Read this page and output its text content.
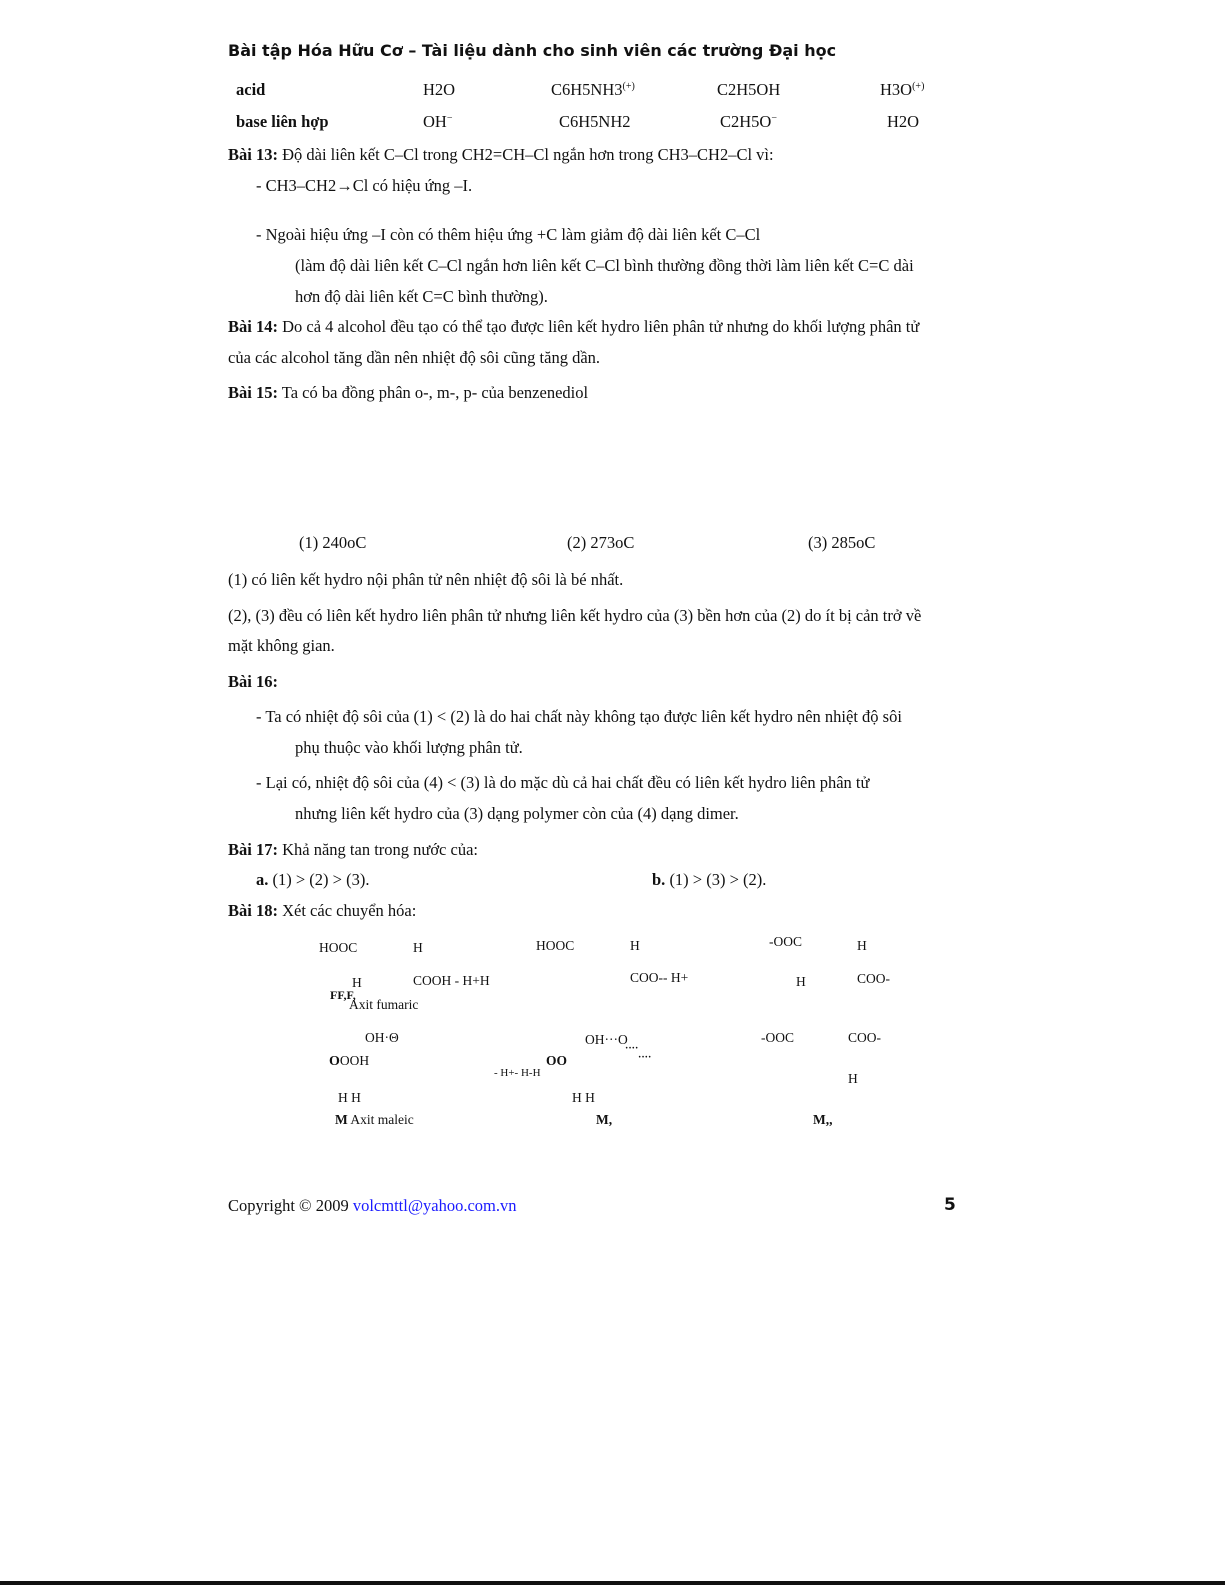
Bài tập Hóa Hữu Cơ – Tài liệu dành cho sinh viên các trường Đại học
acid	H2O	C6H5NH3(+)	C2H5OH	H3O(+)
base liên hợp	OH−	C6H5NH2	C2H5O−	H2O
Bài 13: Độ dài liên kết C–Cl trong CH2=CH–Cl ngắn hơn trong CH3–CH2–Cl vì:
- CH3–CH2→Cl có hiệu ứng –I.
- Ngoài hiệu ứng –I còn có thêm hiệu ứng +C làm giảm độ dài liên kết C–Cl
(làm độ dài liên kết C–Cl ngắn hơn liên kết C–Cl bình thường đồng thời làm liên kết C=C dài
hơn độ dài liên kết C=C bình thường).
Bài 14: Do cả 4 alcohol đều tạo có thể tạo được liên kết hydro liên phân tử nhưng do khối lượng phân tử
của các alcohol tăng dần nên nhiệt độ sôi cũng tăng dần.
Bài 15: Ta có ba đồng phân o-, m-, p- của benzenediol
(1) 240oC	(2) 273oC	(3) 285oC
(1) có liên kết hydro nội phân tử nên nhiệt độ sôi là bé nhất.
(2), (3) đều có liên kết hydro liên phân tử nhưng liên kết hydro của (3) bền hơn của (2) do ít bị cản trở về
mặt không gian.
Bài 16:
- Ta có nhiệt độ sôi của (1) < (2) là do hai chất này không tạo được liên kết hydro nên nhiệt độ sôi
phụ thuộc vào khối lượng phân tử.
- Lại có, nhiệt độ sôi của (4) < (3) là do mặc dù cả hai chất đều có liên kết hydro liên phân tử
nhưng liên kết hydro của (3) dạng polymer còn của (4) dạng dimer.
Bài 17: Khả năng tan trong nước của:
a. (1) > (2) > (3).	b. (1) > (3) > (2).
Bài 18: Xét các chuyển hóa:
HOOC	H
H	COOH - H+H
FF,F,
Axit fumaric
HOOC	H
COO-- H+
-OOC	H
H	COO-
OH·Θ
OOOH
H H
M Axit maleic
- H+- H-H
OH···O
····
····
OO
H H
M,
-OOC	COO-
H
M,,
Copyright © 2009 volcmttl@yahoo.com.vn	5
